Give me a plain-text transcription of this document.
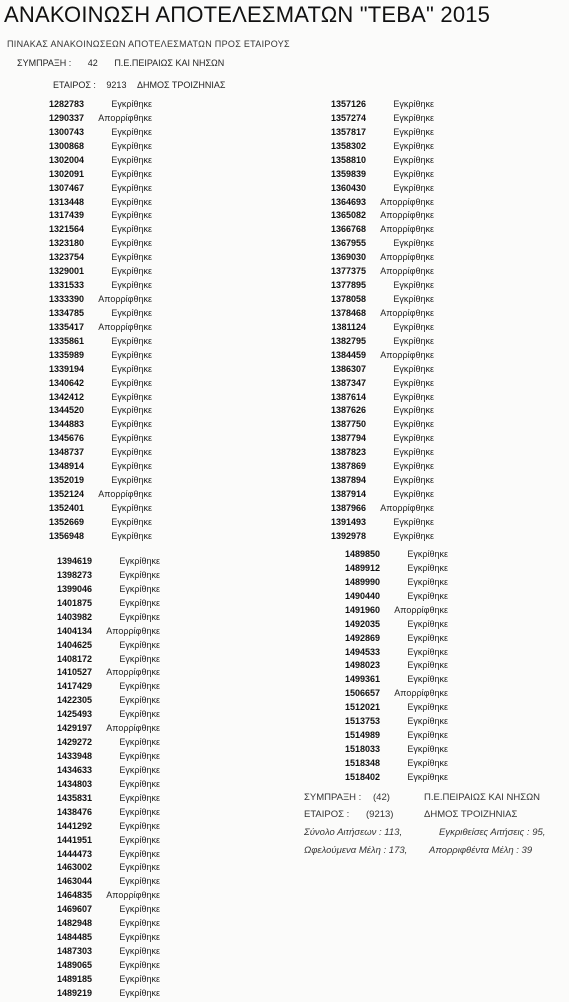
ΑΝΑΚΟΙΝΩΣΗ ΑΠΟΤΕΛΕΣΜΑΤΩΝ "ΤΕΒΑ" 2015
ΠΙΝΑΚΑΣ ΑΝΑΚΟΙΝΩΣΕΩΝ ΑΠΟΤΕΛΕΣΜΑΤΩΝ ΠΡΟΣ ΕΤΑΙΡΟΥΣ
ΣΥΜΠΡΑΞΗ : 42 Π.Ε.ΠΕΙΡΑΙΩΣ ΚΑΙ ΝΗΣΩΝ
ΕΤΑΙΡΟΣ : 9213 ΔΗΜΟΣ ΤΡΟΙΖΗΝΙΑΣ
1282783	Εγκρίθηκε
1290337	Απορρίφθηκε
1300743	Εγκρίθηκε
1300868	Εγκρίθηκε
1302004	Εγκρίθηκε
1302091	Εγκρίθηκε
1307467	Εγκρίθηκε
1313448	Εγκρίθηκε
1317439	Εγκρίθηκε
1321564	Εγκρίθηκε
1323180	Εγκρίθηκε
1323754	Εγκρίθηκε
1329001	Εγκρίθηκε
1331533	Εγκρίθηκε
1333390	Απορρίφθηκε
1334785	Εγκρίθηκε
1335417	Απορρίφθηκε
1335861	Εγκρίθηκε
1335989	Εγκρίθηκε
1339194	Εγκρίθηκε
1340642	Εγκρίθηκε
1342412	Εγκρίθηκε
1344520	Εγκρίθηκε
1344883	Εγκρίθηκε
1345676	Εγκρίθηκε
1348737	Εγκρίθηκε
1348914	Εγκρίθηκε
1352019	Εγκρίθηκε
1352124	Απορρίφθηκε
1352401	Εγκρίθηκε
1352669	Εγκρίθηκε
1356948	Εγκρίθηκε
1357126	Εγκρίθηκε
1357274	Εγκρίθηκε
1357817	Εγκρίθηκε
1358302	Εγκρίθηκε
1358810	Εγκρίθηκε
1359839	Εγκρίθηκε
1360430	Εγκρίθηκε
1364693	Απορρίφθηκε
1365082	Απορρίφθηκε
1366768	Απορρίφθηκε
1367955	Εγκρίθηκε
1369030	Απορρίφθηκε
1377375	Απορρίφθηκε
1377895	Εγκρίθηκε
1378058	Εγκρίθηκε
1378468	Απορρίφθηκε
1381124	Εγκρίθηκε
1382795	Εγκρίθηκε
1384459	Απορρίφθηκε
1386307	Εγκρίθηκε
1387347	Εγκρίθηκε
1387614	Εγκρίθηκε
1387626	Εγκρίθηκε
1387750	Εγκρίθηκε
1387794	Εγκρίθηκε
1387823	Εγκρίθηκε
1387869	Εγκρίθηκε
1387894	Εγκρίθηκε
1387914	Εγκρίθηκε
1387966	Απορρίφθηκε
1391493	Εγκρίθηκε
1392978	Εγκρίθηκε
1394619	Εγκρίθηκε
1398273	Εγκρίθηκε
1399046	Εγκρίθηκε
1401875	Εγκρίθηκε
1403982	Εγκρίθηκε
1404134	Απορρίφθηκε
1404625	Εγκρίθηκε
1408172	Εγκρίθηκε
1410527	Απορρίφθηκε
1417429	Εγκρίθηκε
1422305	Εγκρίθηκε
1425493	Εγκρίθηκε
1429197	Απορρίφθηκε
1429272	Εγκρίθηκε
1433948	Εγκρίθηκε
1434633	Εγκρίθηκε
1434803	Εγκρίθηκε
1435831	Εγκρίθηκε
1438476	Εγκρίθηκε
1441292	Εγκρίθηκε
1441951	Εγκρίθηκε
1444473	Εγκρίθηκε
1463002	Εγκρίθηκε
1463044	Εγκρίθηκε
1464835	Απορρίφθηκε
1469607	Εγκρίθηκε
1482948	Εγκρίθηκε
1484485	Εγκρίθηκε
1487303	Εγκρίθηκε
1489065	Εγκρίθηκε
1489185	Εγκρίθηκε
1489219	Εγκρίθηκε
1489850	Εγκρίθηκε
1489912	Εγκρίθηκε
1489990	Εγκρίθηκε
1490440	Εγκρίθηκε
1491960	Απορρίφθηκε
1492035	Εγκρίθηκε
1492869	Εγκρίθηκε
1494533	Εγκρίθηκε
1498023	Εγκρίθηκε
1499361	Εγκρίθηκε
1506657	Απορρίφθηκε
1512021	Εγκρίθηκε
1513753	Εγκρίθηκε
1514989	Εγκρίθηκε
1518033	Εγκρίθηκε
1518348	Εγκρίθηκε
1518402	Εγκρίθηκε
ΣΥΜΠΡΑΞΗ : (42)	Π.Ε.ΠΕΙΡΑΙΩΣ ΚΑΙ ΝΗΣΩΝ
ΕΤΑΙΡΟΣ : (9213)	ΔΗΜΟΣ ΤΡΟΙΖΗΝΙΑΣ
Σύνολο Αιτήσεων : 113,	Εγκριθείσες Αιτήσεις : 95,
Ωφελούμενα Μέλη : 173, Απορριφθέντα Μέλη : 39
